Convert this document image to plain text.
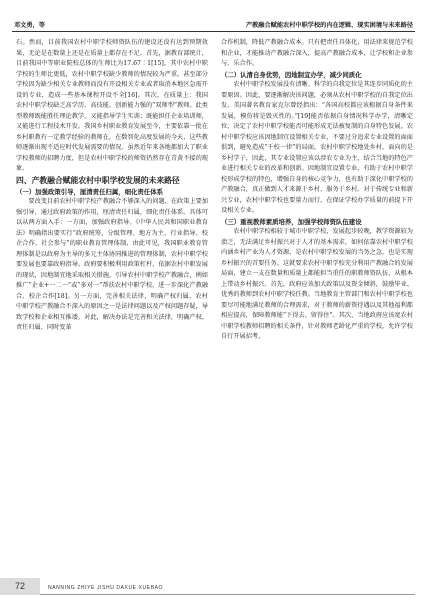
邓文勇，等	产教融合赋能农村中职学校的内在逻辑、现实困境与未来路径

石。然而，目前我国农村中职学校师资队伍的建设还没有达到预期效果，无论是在数量上还是在质量上都存在不足。首先，据教育部统计，目前我国中等职业院校总体的生师比为17.67∶1[15]，其中农村中职学校的生师比更低，农村中职学校缺少教师的情况较为严重，甚至部分学校因为缺少相关专业教师而没有开设相关专业或者取消本地区急需开设的专业，造成一些基本课程开设不全[16]。其次，在质量上：我国农村中职学校缺乏高学历、高技能、创新能力强的“双师型”教师。此类型教师既能胜任理论教学，又能指导学生实训；既能担任企业培训师，又能进行工程技术开发。我国乡村职业教育发展至今，主要依靠一批在乡村职教有一定教学经验的教师在，在数智化高度发展的今天，这些教师逐渐出现不适应时代发展需要的情况。虽然近年来各地都加大了职业学校教师的招聘力度，但是农村中职学校的师资仍然存在青黄不接的现象。

四、产教融合赋能农村中职学校发展的未来路径

（一）加强政策引导，厘清责任归属，细化责任体系

要改变目前农村中职学校产教融合不够深入的问题，在政策上要加强引导，通过政府政策的作用，厘清责任归属，细化责任体系。具体可以从两方面入手：一方面，加强政府指导。《中华人民共和国职业教育法》明确指出要实行“政府统筹、分级管理、地方为主、行业指导、校企合作、社会参与”的职业教育管理体制，由此可见，我国职业教育管理体制是以政府为主导的多元主体协同推进的管理体制，农村中职学校要发展也要靠政府指导。政府要积极利用政策杠杆，依据农村中职发展的现状，因地制宜地采取相关措施，引导农村中职学校产教融合，例如推广“企业+一二一”或“多对一”帮扶农村中职学校，进一步深化产教融合、校企合作[18]。另一方面，完善相关法律，明确产权归属，农村中职学校产教融合不深入的原因之一是法律问题以及产权问题存疑，导致学校和企业相互推诿。对此，解决办法是完善和关法律，明确产权、责任归属，同时变革

合作机制，降低产教融合成本。只有把责任具体化，用法律来规范学校和企业，才能推动产教融合深入，提高产教融合成本，让学校和企业参与、乐合作。

（二）认清自身优势，因地制宜办学，减少同质化

农村中职学校发展没有清晰、科学的自我定位是其连步同质化的主要原因。因此，要逐渐解决该问题，必须从农村中职学校的自我定位出发。美国著名教育家克尔曾经指出：“各国高校都应该根据自身条件来发展，模仿将是毁灭性的。”[19]能否依据自身情况科学办学，清晰定位，决定了农村中职学校能否可能形成无法被复制的自身特色发展。农村中职学校应该因地制宜设置相关专业，不要过分追求专业设置的面面俱到，避免造成“千校一律”的局面，农村中职学校地处乡村，面向的是乡村学子，因此，其专业设置应该以涉农专业为主，结合当地的特色产业进行相关专业的改革和创新。因地制宜设置专业，有助于农村中职学校形成学校的特色，增强自身的核心竞争力，也有助于深化中职学校的产教融合，真正做到人才来源于乡村、服务于乡村。对于传统专业和新兴专业，农村中职学校也要量力而行，在保证学校办学质量的前提下开设相关专业。

（三）重视教师素质培养，加强学校师资队伍建设

农村中职学校相较于城市中职学校，发展起步较晚，教学资源较为溃乏，无法满足乡村振兴对于人才的基本需求，如何依靠农村中职学校内涵乡村产业为人才资源，是农村中职学校发展的当务之急，也是实现乡村振兴的首要任务。这就要求农村中职学校充分利用产教融合的发展局面，建立一支在数量和质量上都能担当重任的职教师资队伍，从根本上带动乡村振兴。首先，政府应该加大政策以及资金倾斜，鼓励毕业、优秀的教师到农村中职学校任教。当地教育主管部门和农村中职学校也要尽可能地满足教师的合理需求，对于教师的薪资待遇以及其他福利都相应提高，保障教师能“下得去、留得住”。其次，当地政府应该宽农村中职学校教师招聘的相关条件，针对教师老龄化严重的学校，允许学校自行开展招考，

72	NANNING ZHIYE JISHU DAXUE XUEBAO
